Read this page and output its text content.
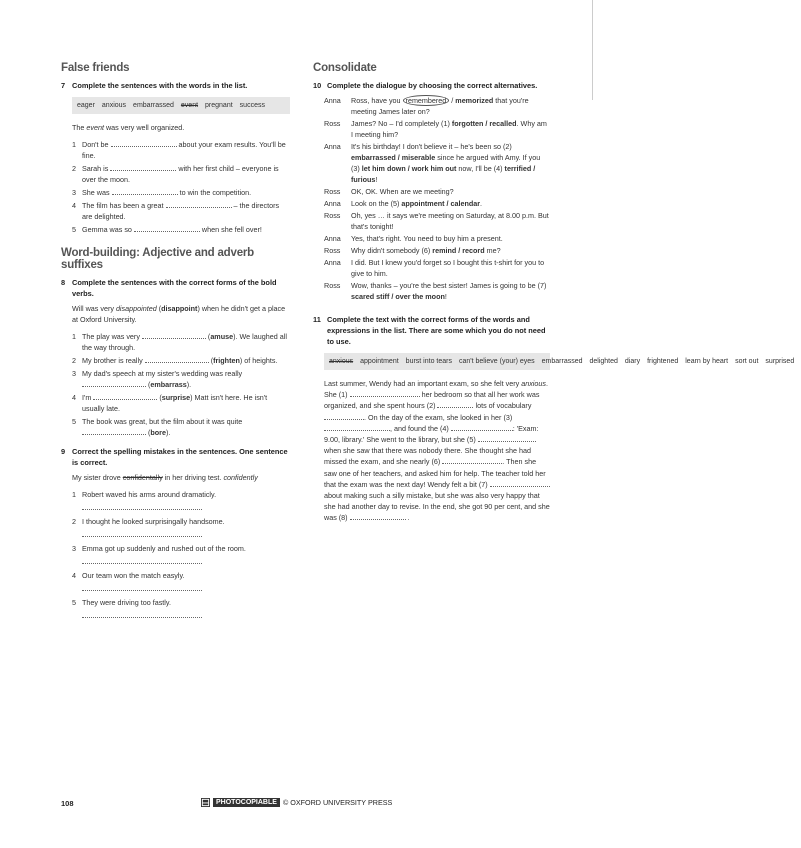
False friends
7 Complete the sentences with the words in the list.
eager anxious embarrassed event pregnant success
The event was very well organized.
1 Don't be	about your exam results. You'll be fine.
2 Sarah is	with her first child – everyone is over the moon.
3 She was	to win the competition.
4 The film has been a great	– the directors are delighted.
5 Gemma was so	when she fell over!
Word-building: Adjective and adverb suffixes
8 Complete the sentences with the correct forms of the bold verbs.
Will was very disappointed (disappoint) when he didn't get a place at Oxford University.
1 The play was very	(amuse). We laughed all the way through.
2 My brother is really	(frighten) of heights.
3 My dad's speech at my sister's wedding was really  (embarrass).
4 I'm	(surprise) Matt isn't here. He isn't usually late.
5 The book was great, but the film about it was quite  (bore).
9 Correct the spelling mistakes in the sentences. One sentence is correct.
My sister drove confidentally in her driving test. confidently
1 Robert waved his arms around dramaticly.
2 I thought he looked surprisingally handsome.
3 Emma got up suddenly and rushed out of the room.
4 Our team won the match easyly.
5 They were driving too fastly.
Consolidate
10 Complete the dialogue by choosing the correct alternatives.
Anna	Ross, have you remembered / memorized that you're meeting James later on?
Ross	James? No – I'd completely (1) forgotten / recalled. Why am I meeting him?
Anna	It's his birthday! I don't believe it – he's been so (2) embarrassed / miserable since he argued with Amy. If you (3) let him down / work him out now, I'll be (4) terrified / furious!
Ross	OK, OK. When are we meeting?
Anna	Look on the (5) appointment / calendar.
Ross	Oh, yes … it says we're meeting on Saturday, at 8.00 p.m. But that's tonight!
Anna	Yes, that's right. You need to buy him a present.
Ross	Why didn't somebody (6) remind / record me?
Anna	I did. But I knew you'd forget so I bought this t-shirt for you to give to him.
Ross	Wow, thanks – you're the best sister! James is going to be (7) scared stiff / over the moon!
11 Complete the text with the correct forms of the words and expressions in the list. There are some which you do not need to use.
anxious appointment burst into tears can't believe (your) eyes embarrassed delighted diary frightened learn by heart sort out surprised
Last summer, Wendy had an important exam, so she felt very anxious. She (1)	her bedroom so that all her work was organized, and she spent hours (2)	lots of vocabulary . On the day of the exam, she looked in her (3) , and found the (4)	: 'Exam: 9.00, library.' She went to the library, but she (5)  when she saw that there was nobody there. She thought she had missed the exam, and she nearly (6)	. Then she saw one of her teachers, and asked him for help. The teacher told her that the exam was the next day! Wendy felt a bit (7)  about making such a silly mistake, but she was also very happy that she had another day to revise. In the end, she got 90 per cent, and she was (8)	.
108	PHOTOCOPIABLE © OXFORD UNIVERSITY PRESS
